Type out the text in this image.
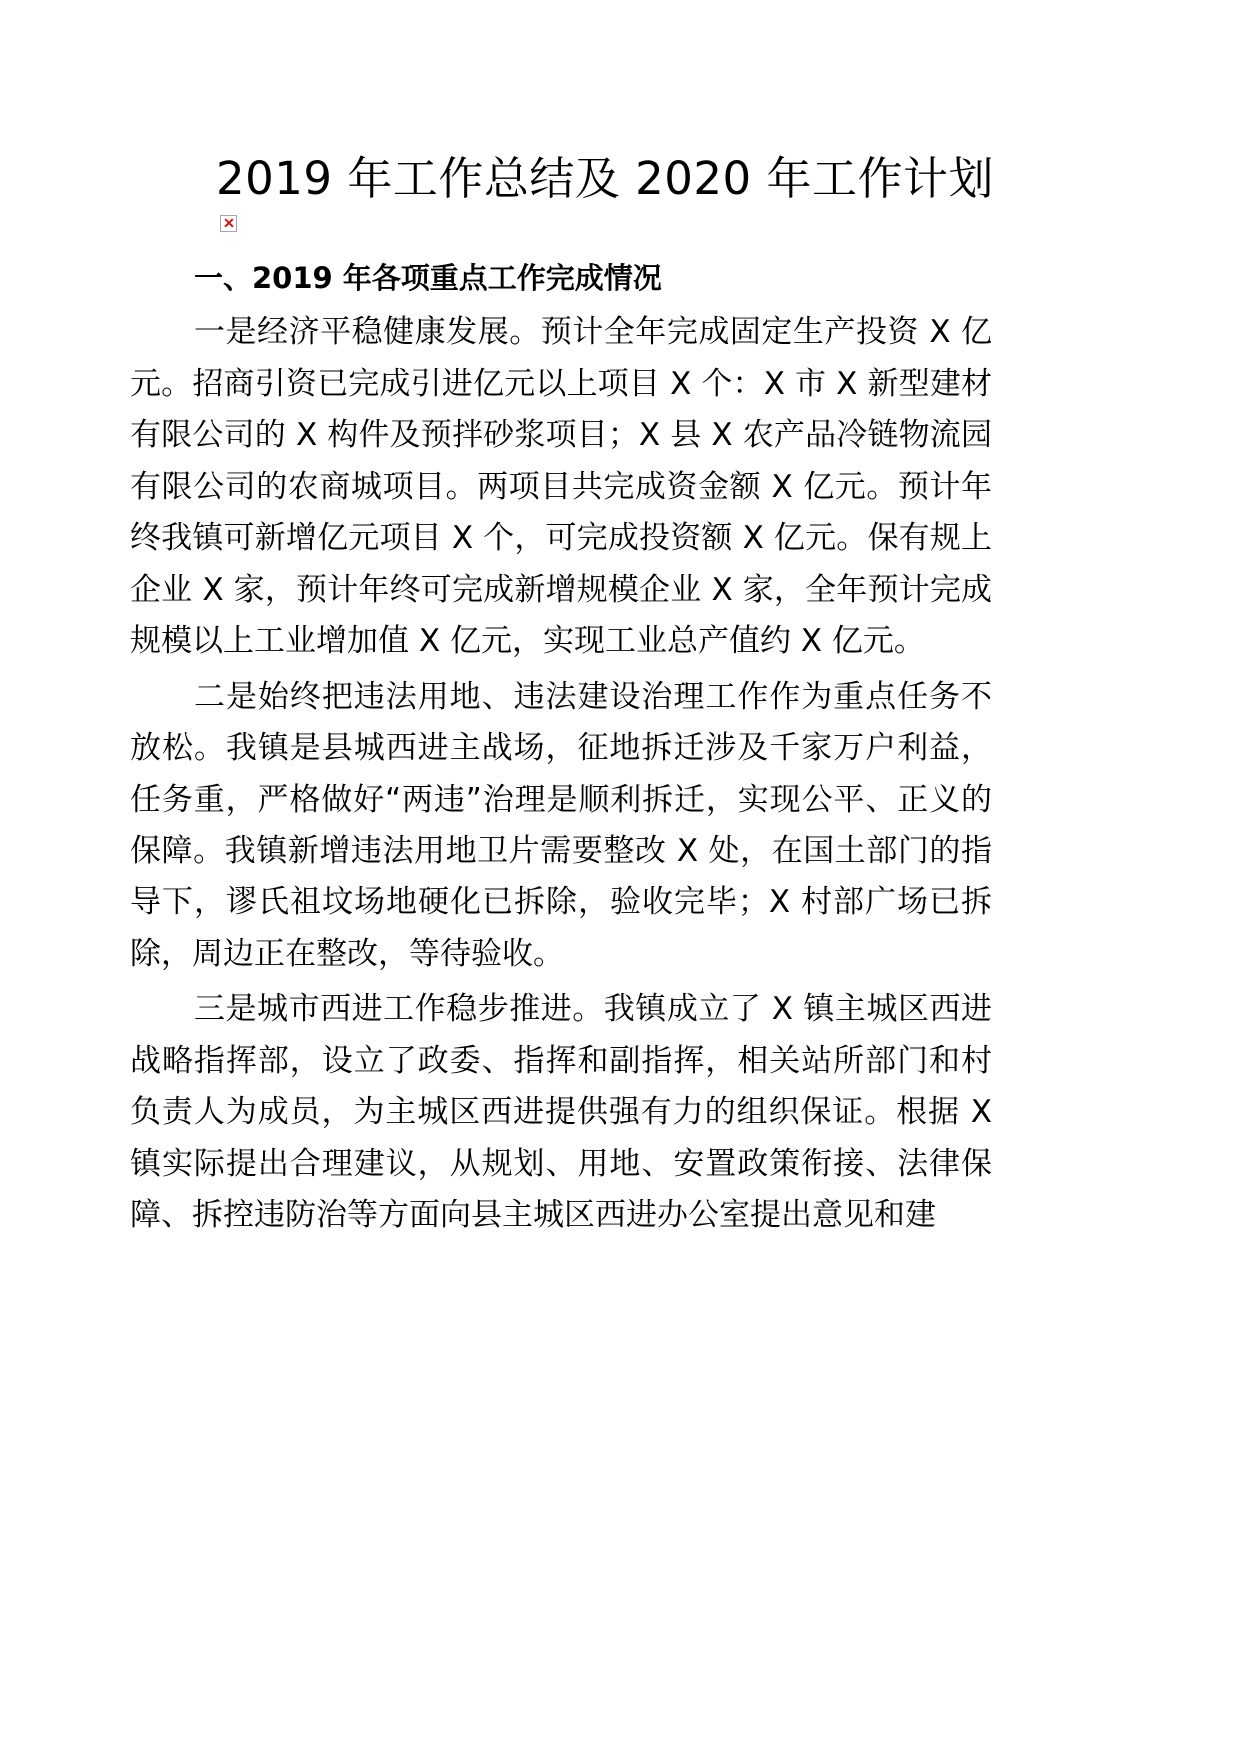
2019 年工作总结及 2020 年工作计划
一、2019 年各项重点工作完成情况

一是经济平稳健康发展。预计全年完成固定生产投资 X 亿元。招商引资已完成引进亿元以上项目 X 个：X 市 X 新型建材有限公司的 X 构件及预拌砂浆项目；X 县 X 农产品冷链物流园有限公司的农商城项目。两项目共完成资金额 X 亿元。预计年终我镇可新增亿元项目 X 个，可完成投资额 X 亿元。保有规上企业 X 家，预计年终可完成新增规模企业 X 家，全年预计完成规模以上工业增加值 X 亿元，实现工业总产值约 X 亿元。

二是始终把违法用地、违法建设治理工作作为重点任务不放松。我镇是县城西进主战场，征地拆迁涉及千家万户利益，任务重，严格做好“两违”治理是顺利拆迁，实现公平、正义的保障。我镇新增违法用地卫片需要整改 X 处，在国土部门的指导下，谬氏祖坟场地硬化已拆除，验收完毕；X 村部广场已拆除，周边正在整改，等待验收。

三是城市西进工作稳步推进。我镇成立了 X 镇主城区西进战略指挥部，设立了政委、指挥和副指挥，相关站所部门和村负责人为成员，为主城区西进提供强有力的组织保证。根据 X 镇实际提出合理建议，从规划、用地、安置政策衔接、法律保障、拆控违防治等方面向县主城区西进办公室提出意见和建
